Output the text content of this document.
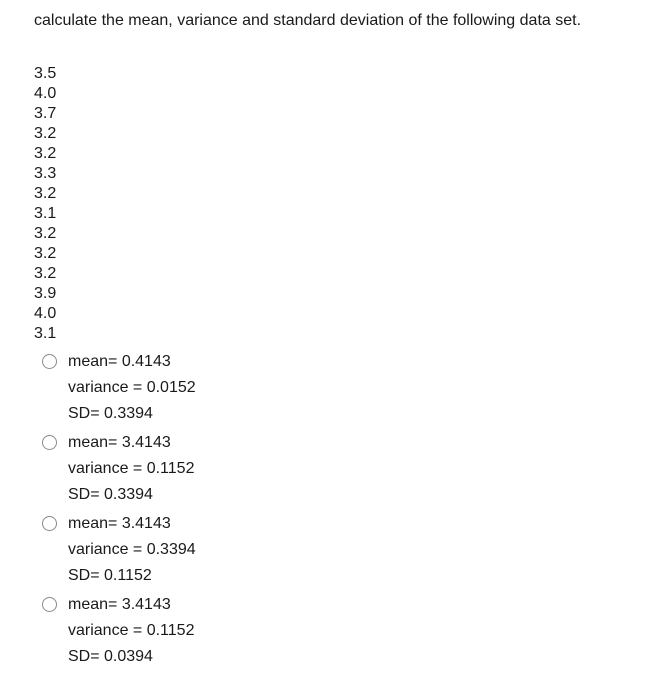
calculate the mean, variance and standard deviation of the following data set.
3.5
4.0
3.7
3.2
3.2
3.3
3.2
3.1
3.2
3.2
3.2
3.9
4.0
3.1
mean= 0.4143
variance = 0.0152
SD= 0.3394
mean= 3.4143
variance = 0.1152
SD= 0.3394
mean= 3.4143
variance = 0.3394
SD= 0.1152
mean= 3.4143
variance = 0.1152
SD= 0.0394
